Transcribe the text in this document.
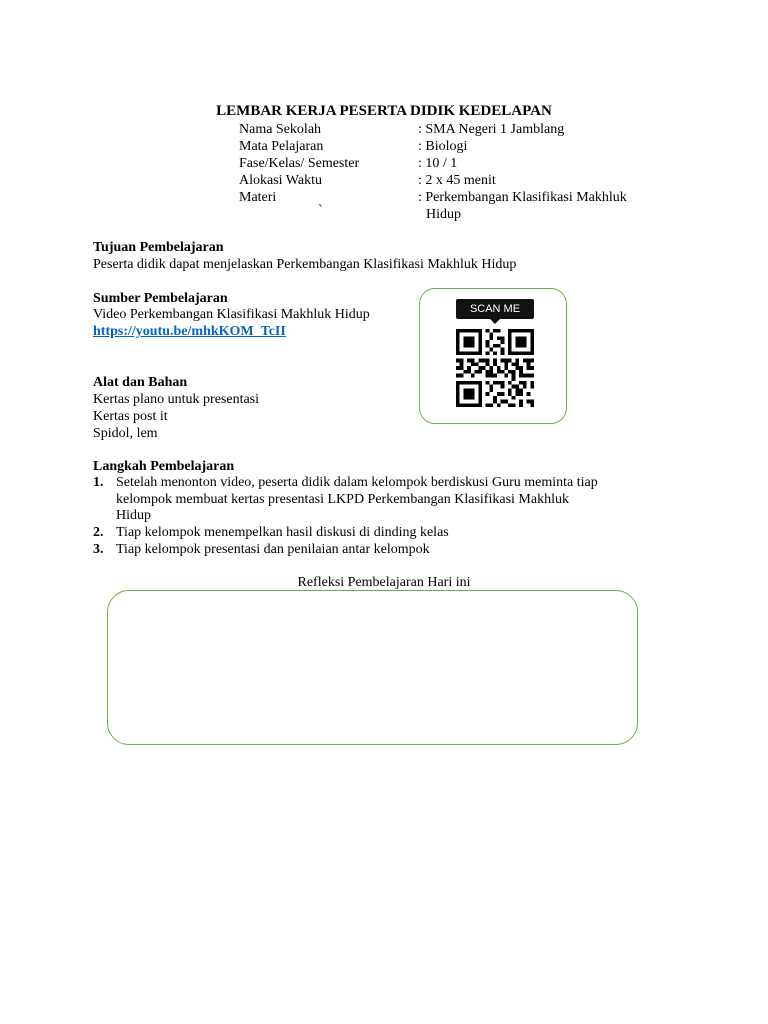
LEMBAR KERJA PESERTA DIDIK KEDELAPAN
Nama Sekolah	: SMA Negeri 1 Jamblang
Mata Pelajaran	: Biologi
Fase/Kelas/ Semester	: 10 / 1
Alokasi Waktu	: 2 x 45 menit
Materi	: Perkembangan Klasifikasi Makhluk
`	Hidup
Tujuan Pembelajaran
Peserta didik dapat menjelaskan Perkembangan Klasifikasi Makhluk Hidup
Sumber Pembelajaran
Video Perkembangan Klasifikasi Makhluk Hidup
https://youtu.be/mhkKOM_TcII
SCAN ME
Alat dan Bahan
Kertas plano untuk presentasi
Kertas post it
Spidol, lem
Langkah Pembelajaran
1. Setelah menonton video, peserta didik dalam kelompok berdiskusi Guru meminta tiap
kelompok membuat kertas presentasi LKPD Perkembangan Klasifikasi Makhluk
Hidup
2. Tiap kelompok menempelkan hasil diskusi di dinding kelas
3. Tiap kelompok presentasi dan penilaian antar kelompok
Refleksi Pembelajaran Hari ini
